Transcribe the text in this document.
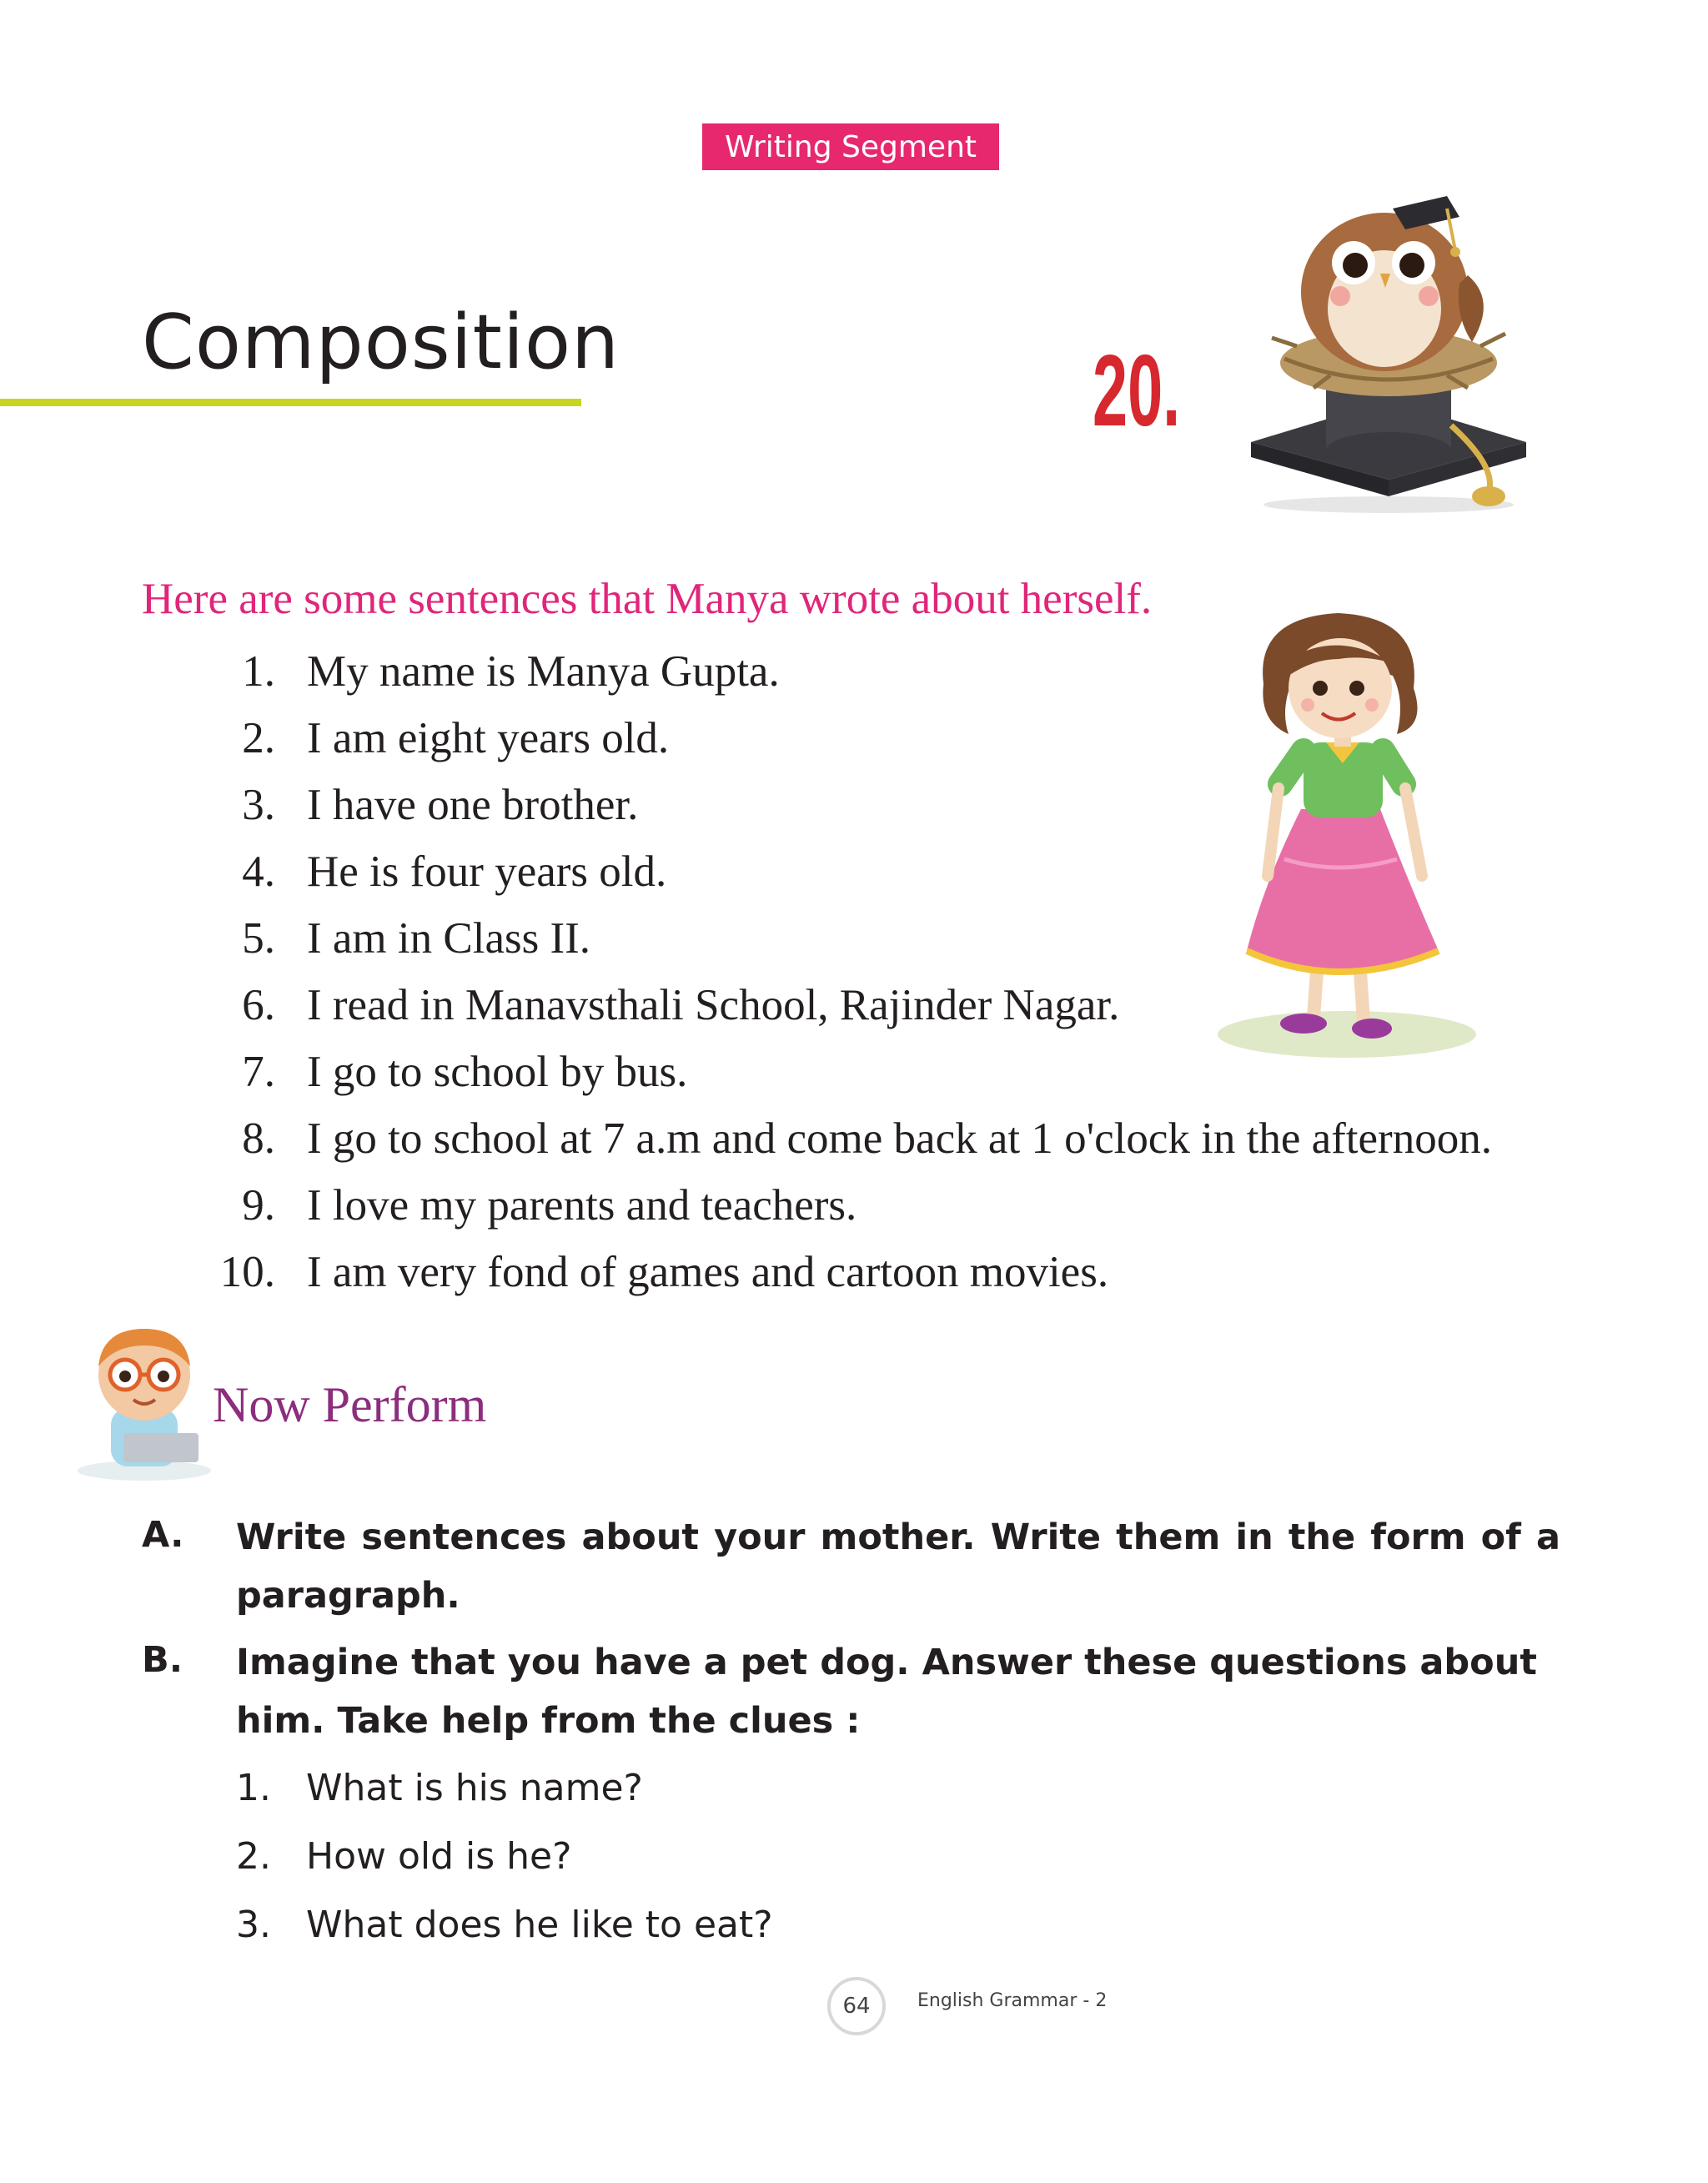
Writing Segment
Composition	20.
Here are some sentences that Manya wrote about herself.
1. My name is Manya Gupta.
2. I am eight years old.
3. I have one brother.
4. He is four years old.
5. I am in Class II.
6. I read in Manavsthali School, Rajinder Nagar.
7. I go to school by bus.
8. I go to school at 7 a.m and come back at 1 o'clock in the afternoon.
9. I love my parents and teachers.
10. I am very fond of games and cartoon movies.
Now Perform
A. Write sentences about your mother. Write them in the form of a paragraph.
B. Imagine that you have a pet dog. Answer these questions about him. Take help from the clues :
1. What is his name?
2. How old is he?
3. What does he like to eat?
64	English Grammar - 2
